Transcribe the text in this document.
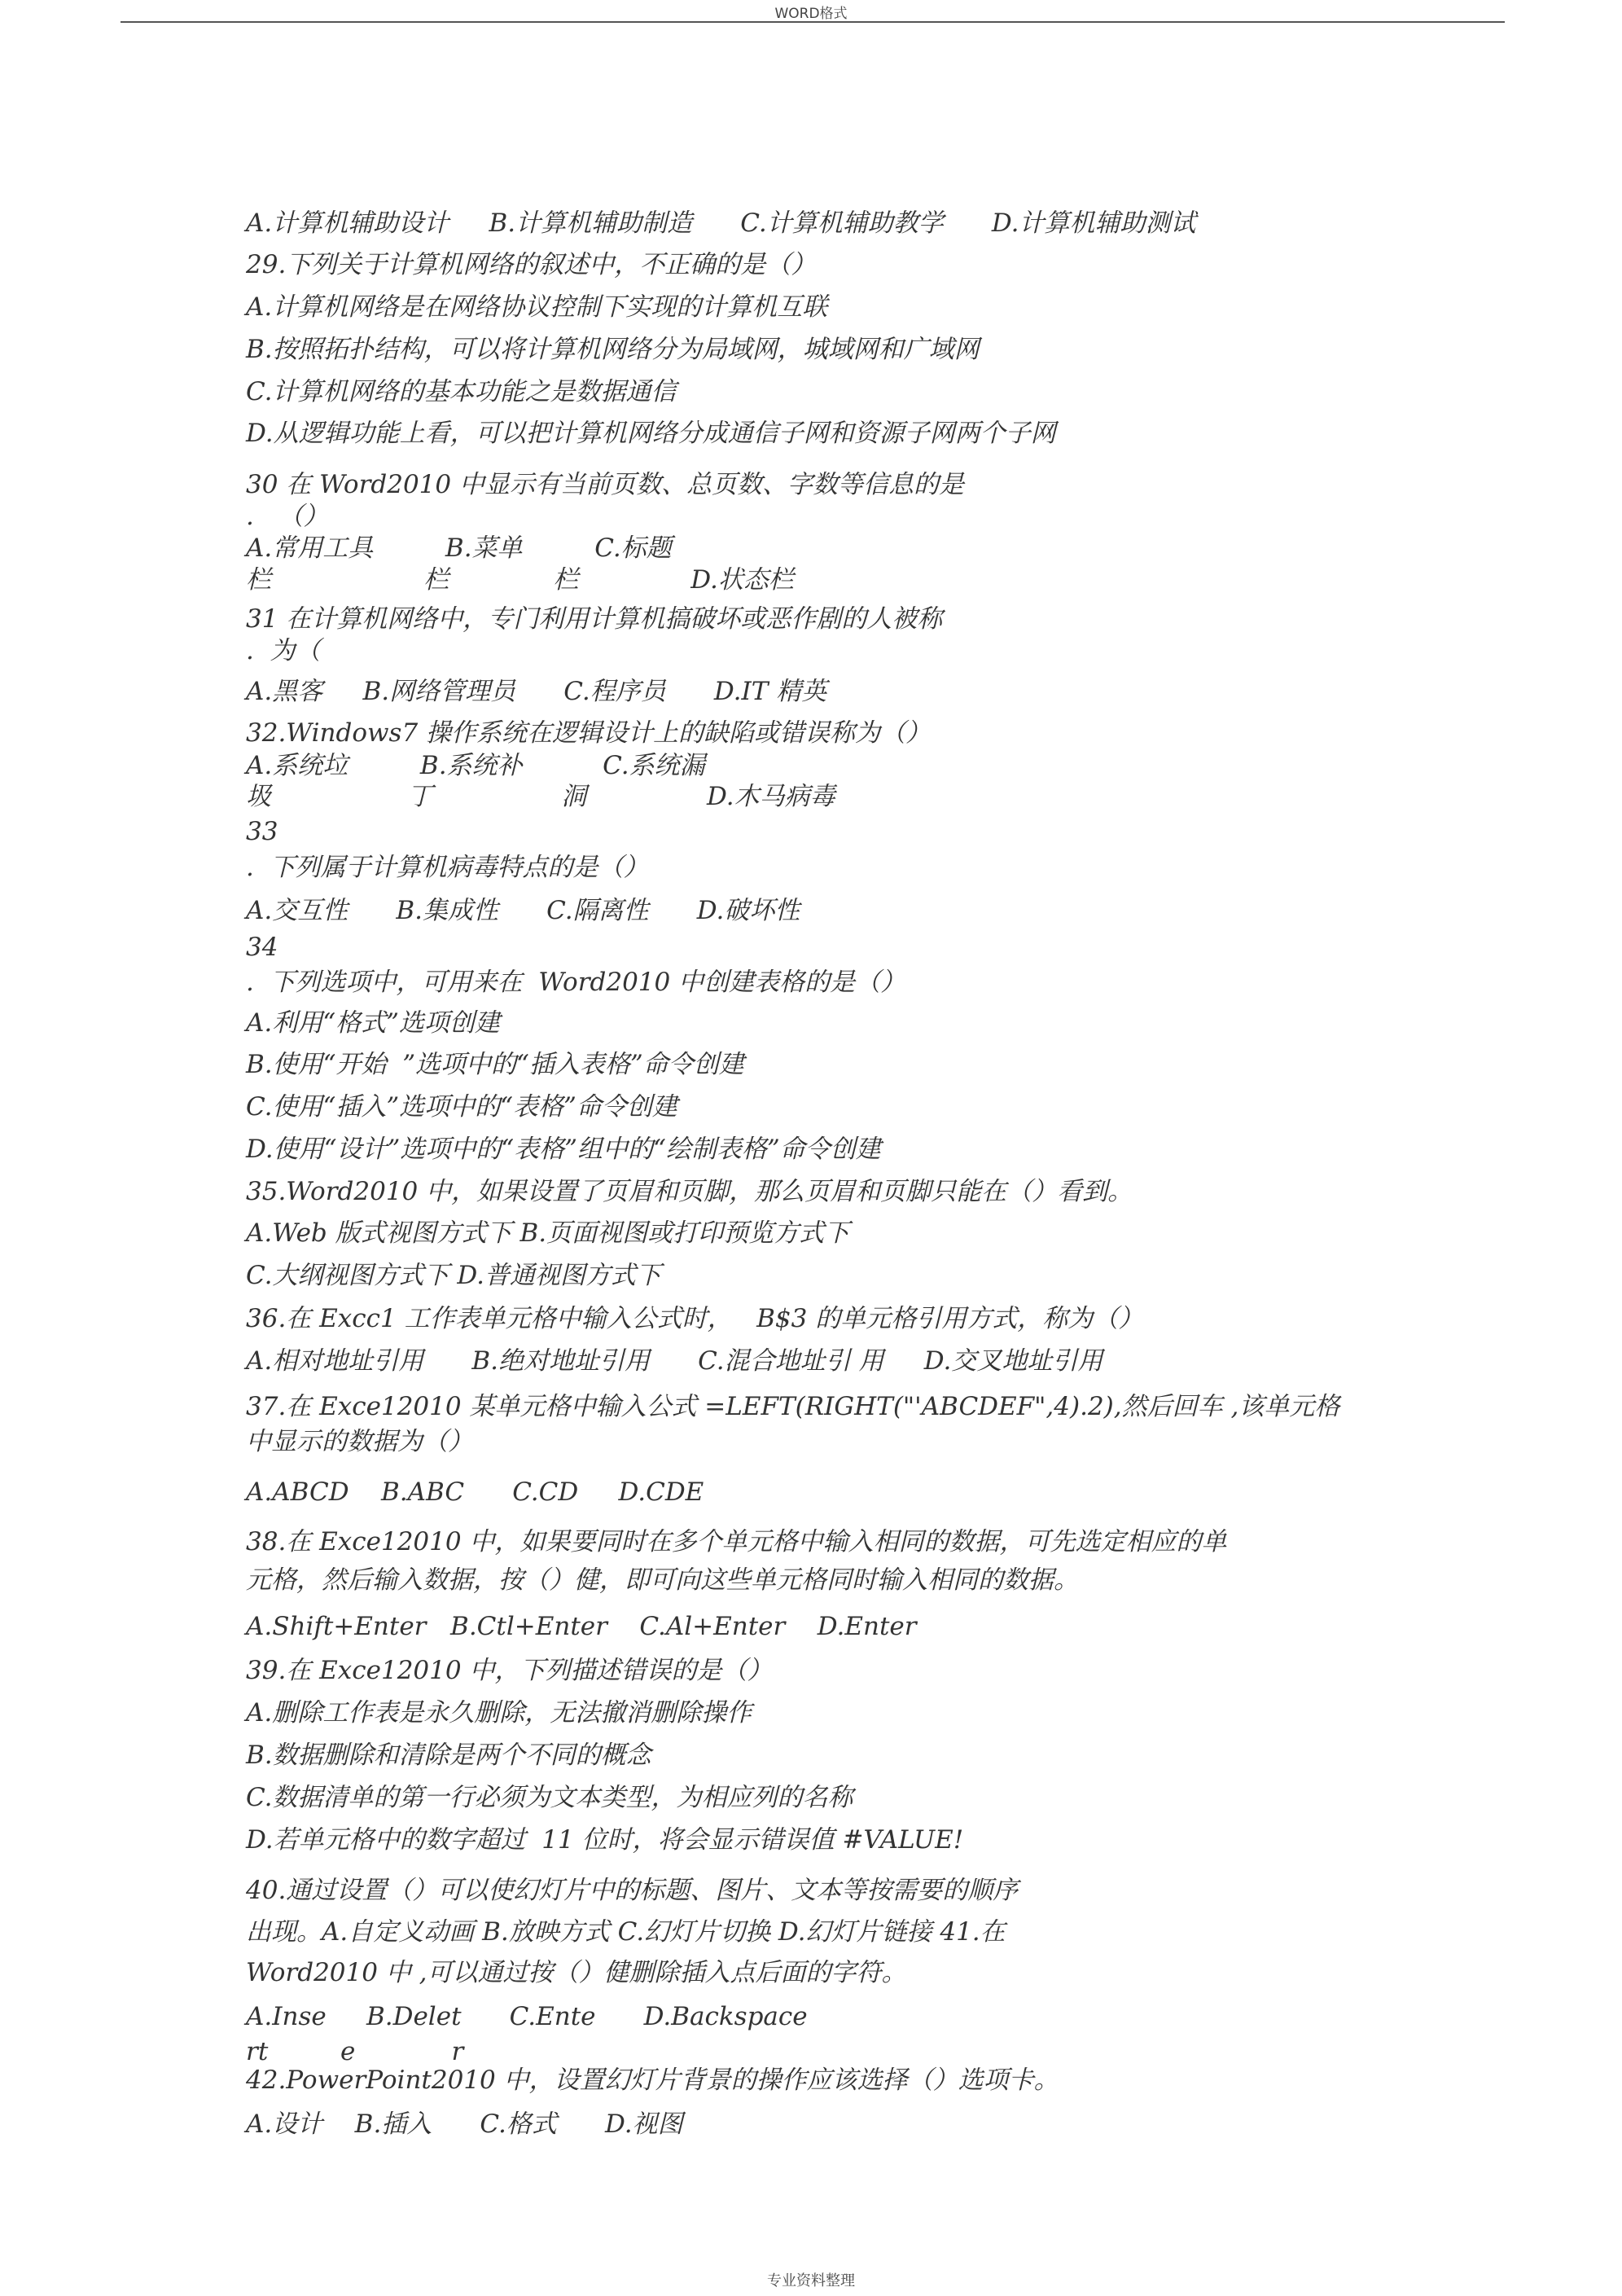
WORD格式
A.计算机辅助设计     B.计算机辅助制造      C.计算机辅助教学      D.计算机辅助测试
29.下列关于计算机网络的叙述中，不正确的是（）
A.计算机网络是在网络协议控制下实现的计算机互联
B.按照拓扑结构，可以将计算机网络分为局域网，城域网和广域网
C.计算机网络的基本功能之是数据通信
D.从逻辑功能上看，可以把计算机网络分成通信子网和资源子网两个子网
30 在 Word2010 中显示有当前页数、总页数、字数等信息的是
.   （）
A.常用工具         B.菜单         C.标题
栏                   栏             栏              D.状态栏
31 在计算机网络中，专门利用计算机搞破坏或恶作剧的人被称
.  为（
A.黑客     B.网络管理员      C.程序员      D.IT 精英
32.Windows7 操作系统在逻辑设计上的缺陷或错误称为（）
A.系统垃         B.系统补          C.系统漏
圾                 丁                洞               D.木马病毒
33
.  下列属于计算机病毒特点的是（）
A.交互性      B.集成性      C.隔离性      D.破坏性
34
.  下列选项中，可用来在  Word2010 中创建表格的是（）
A.利用“格式”选项创建
B.使用“开始  ”选项中的“插入表格”命令创建
C.使用“插入”选项中的“表格”命令创建
D.使用“设计”选项中的“表格”组中的“绘制表格”命令创建
35.Word2010 中，如果设置了页眉和页脚，那么页眉和页脚只能在（）看到。
A.Web 版式视图方式下 B.页面视图或打印预览方式下
C.大纲视图方式下 D.普通视图方式下
36.在 Excc1 工作表单元格中输入公式时，   B$3 的单元格引用方式，称为（）
A.相对地址引用      B.绝对地址引用      C.混合地址引 用     D.交叉地址引用
37.在 Exce12010 某单元格中输入公式 =LEFT(RIGHT("'ABCDEF",4).2),然后回车 ,该单元格
中显示的数据为（）
A.ABCD    B.ABC      C.CD     D.CDE
38.在 Exce12010 中，如果要同时在多个单元格中输入相同的数据，可先选定相应的单
元格，然后输入数据，按（）健，即可向这些单元格同时输入相同的数据。
A.Shift+Enter   B.Ctl+Enter    C.Al+Enter    D.Enter
39.在 Exce12010 中，下列描述错误的是（）
A.删除工作表是永久删除，无法撤消删除操作
B.数据删除和清除是两个不同的概念
C.数据清单的第一行必须为文本类型，为相应列的名称
D.若单元格中的数字超过  11 位时，将会显示错误值 #VALUE!
40.通过设置（）可以使幻灯片中的标题、图片、文本等按需要的顺序
出现。A.自定义动画 B.放映方式 C.幻灯片切换 D.幻灯片链接 41.在
Word2010 中 ,可以通过按（）健删除插入点后面的字符。
A.Inse     B.Delet      C.Ente      D.Backspace
rt         e            r
42.PowerPoint2010 中，设置幻灯片背景的操作应该选择（）选项卡。
A.设计    B.插入      C.格式      D.视图
专业资料整理
